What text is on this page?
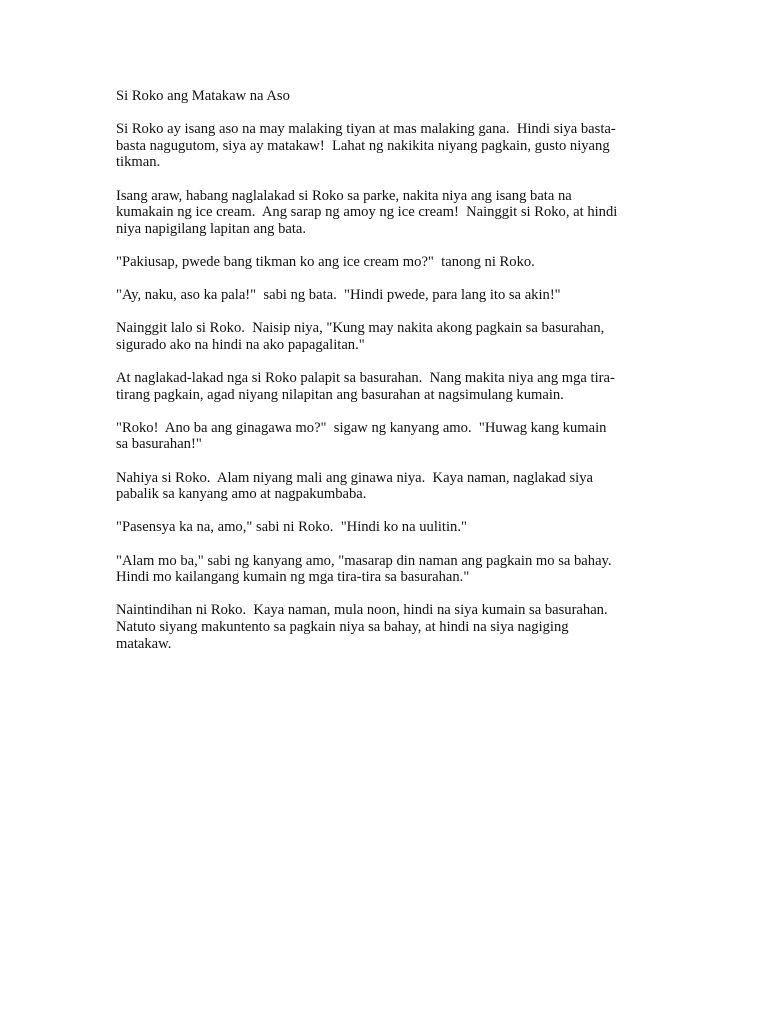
Si Roko ang Matakaw na Aso

Si Roko ay isang aso na may malaking tiyan at mas malaking gana.  Hindi siya basta-
basta nagugutom, siya ay matakaw!  Lahat ng nakikita niyang pagkain, gusto niyang
tikman.

Isang araw, habang naglalakad si Roko sa parke, nakita niya ang isang bata na
kumakain ng ice cream.  Ang sarap ng amoy ng ice cream!  Nainggit si Roko, at hindi
niya napigilang lapitan ang bata.

"Pakiusap, pwede bang tikman ko ang ice cream mo?"  tanong ni Roko.

"Ay, naku, aso ka pala!"  sabi ng bata.  "Hindi pwede, para lang ito sa akin!"

Nainggit lalo si Roko.  Naisip niya, "Kung may nakita akong pagkain sa basurahan,
sigurado ako na hindi na ako papagalitan."

At naglakad-lakad nga si Roko palapit sa basurahan.  Nang makita niya ang mga tira-
tirang pagkain, agad niyang nilapitan ang basurahan at nagsimulang kumain.

"Roko!  Ano ba ang ginagawa mo?"  sigaw ng kanyang amo.  "Huwag kang kumain
sa basurahan!"

Nahiya si Roko.  Alam niyang mali ang ginawa niya.  Kaya naman, naglakad siya
pabalik sa kanyang amo at nagpakumbaba.

"Pasensya ka na, amo," sabi ni Roko.  "Hindi ko na uulitin."

"Alam mo ba," sabi ng kanyang amo, "masarap din naman ang pagkain mo sa bahay.
Hindi mo kailangang kumain ng mga tira-tira sa basurahan."

Naintindihan ni Roko.  Kaya naman, mula noon, hindi na siya kumain sa basurahan.
Natuto siyang makuntento sa pagkain niya sa bahay, at hindi na siya nagiging
matakaw.
